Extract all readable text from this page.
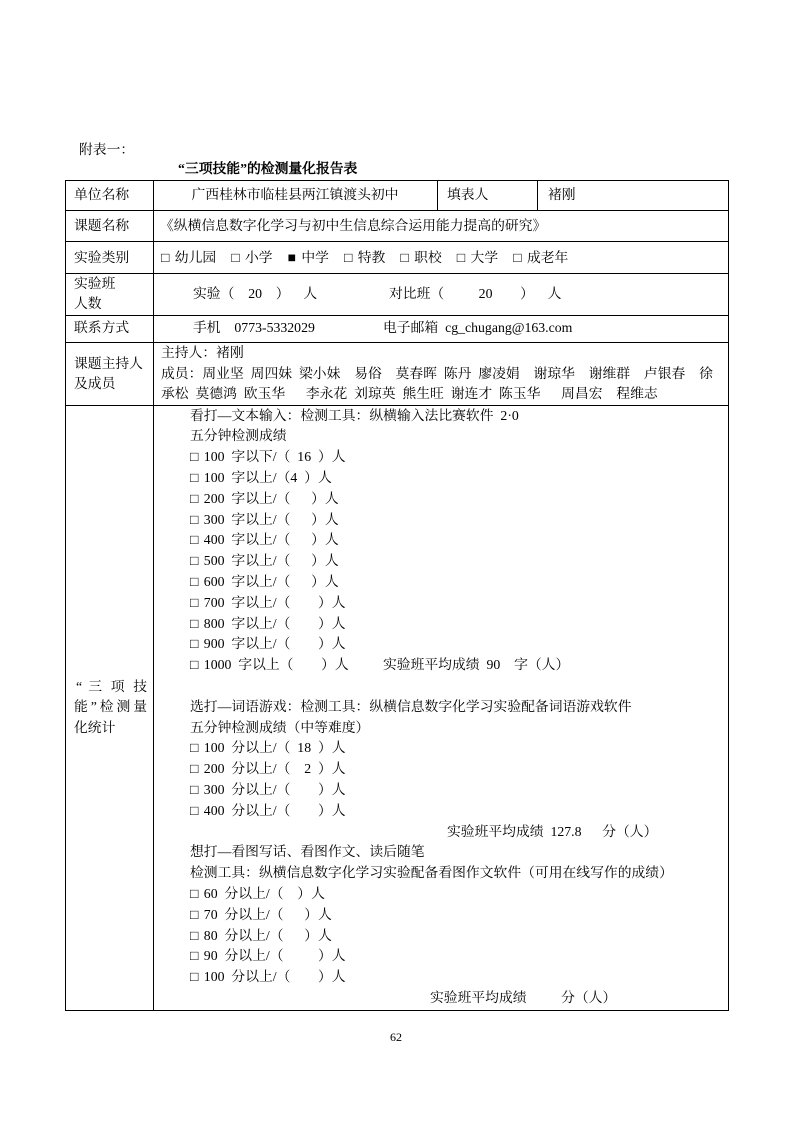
附表一：
“三项技能”的检测量化报告表
单位名称	广西桂林市临桂县两江镇渡头初中	填表人	褚刚
课题名称 《纵横信息数字化学习与初中生信息综合运用能力提高的研究》
实验类别 □ 幼儿园 □ 小学 ■ 中学 □ 特教 □ 职校 □ 大学 □ 成老年
实验班
人数
实验（  20  ）  人	对比班（     20    ）  人
联系方式	手机  0773-5332029	电子邮箱 cg_chugang@163.com
课题主持人
及成员
主持人：褚刚
成员：周业坚 周四妹 梁小妹  易俗  莫春晖 陈丹 廖凌娟  谢琼华  谢维群  卢银春  徐
承松 莫德鸿 欧玉华   李永花 刘琼英 熊生旺 谢连才 陈玉华   周昌宏  程维志
“ 三 项 技
能”检测量
化统计
看打—文本输入：检测工具：纵横输入法比赛软件 2·0
五分钟检测成绩
□ 100 字以下/（ 16 ）人
□ 100 字以上/（4 ）人
□ 200 字以上/（   ）人
□ 300 字以上/（   ）人
□ 400 字以上/（   ）人
□ 500 字以上/（   ）人
□ 600 字以上/（   ）人
□ 700 字以上/（    ）人
□ 800 字以上/（    ）人
□ 900 字以上/（    ）人
□ 1000 字以上（    ）人 实验班平均成绩 90  字（人）
选打—词语游戏：检测工具：纵横信息数字化学习实验配备词语游戏软件
五分钟检测成绩（中等难度）
□ 100 分以上/（ 18 ）人
□ 200 分以上/（  2 ）人
□ 300 分以上/（    ）人
□ 400 分以上/（    ）人
实验班平均成绩 127.8   分（人）
想打—看图写话、看图作文、读后随笔
检测工具：纵横信息数字化学习实验配备看图作文软件（可用在线写作的成绩）
□ 60 分以上/（  ）人
□ 70 分以上/（   ）人
□ 80 分以上/（   ）人
□ 90 分以上/（     ）人
□ 100 分以上/（    ）人
实验班平均成绩     分（人）
62
